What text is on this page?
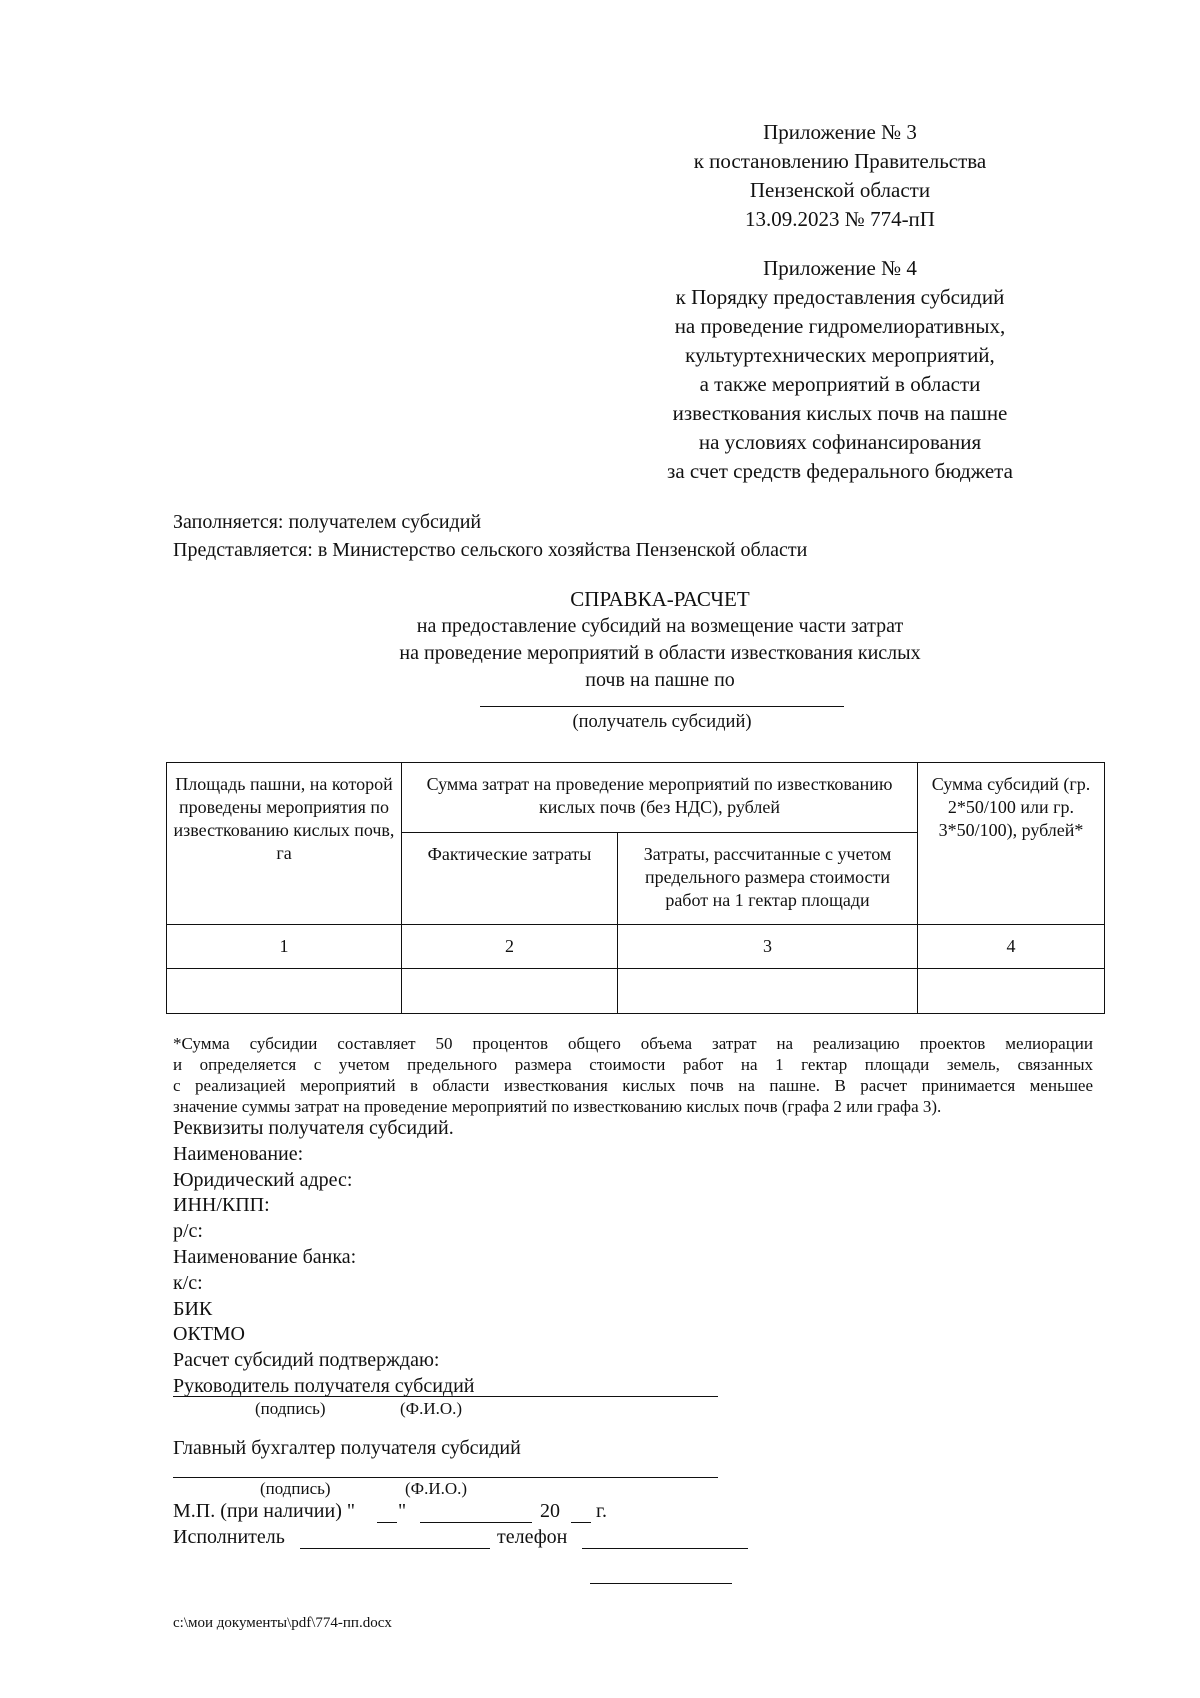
Приложение № 3
к постановлению Правительства
Пензенской области
13.09.2023 № 774-пП
Приложение № 4
к Порядку предоставления субсидий
на проведение гидромелиоративных,
культуртехнических мероприятий,
а также мероприятий в области
известкования кислых почв на пашне
на условиях софинансирования
за счет средств федерального бюджета
Заполняется: получателем субсидий
Представляется: в Министерство сельского хозяйства Пензенской области
СПРАВКА-РАСЧЕТ
на предоставление субсидий на возмещение части затрат
на проведение мероприятий в области известкования кислых
почв на пашне по
(получатель субсидий)
Площадь пашни, на которой проведены мероприятия по известкованию кислых почв, га	Сумма затрат на проведение мероприятий по известкованию кислых почв (без НДС), рублей		Сумма субсидий (гр. 2*50/100 или гр. 3*50/100), рублей*
	Фактические затраты	Затраты, рассчитанные с учетом предельного размера стоимости работ на 1 гектар площади	
1	2	3	4

*Сумма субсидии составляет 50 процентов общего объема затрат на реализацию проектов мелиорации
и определяется с учетом предельного размера стоимости работ на 1 гектар площади земель, связанных
с реализацией мероприятий в области известкования кислых почв на пашне. В расчет принимается меньшее
значение суммы затрат на проведение мероприятий по известкованию кислых почв (графа 2 или графа 3).
Реквизиты получателя субсидий.
Наименование:
Юридический адрес:
ИНН/КПП:
р/с:
Наименование банка:
к/с:
БИК
ОКТМО
Расчет субсидий подтверждаю:
Руководитель получателя субсидий
(подпись)	(Ф.И.О.)
Главный бухгалтер получателя субсидий
(подпись)	(Ф.И.О.)
М.П. (при наличии) " "	20 г.
Исполнитель	телефон
c:\мои документы\pdf\774-пп.docx
